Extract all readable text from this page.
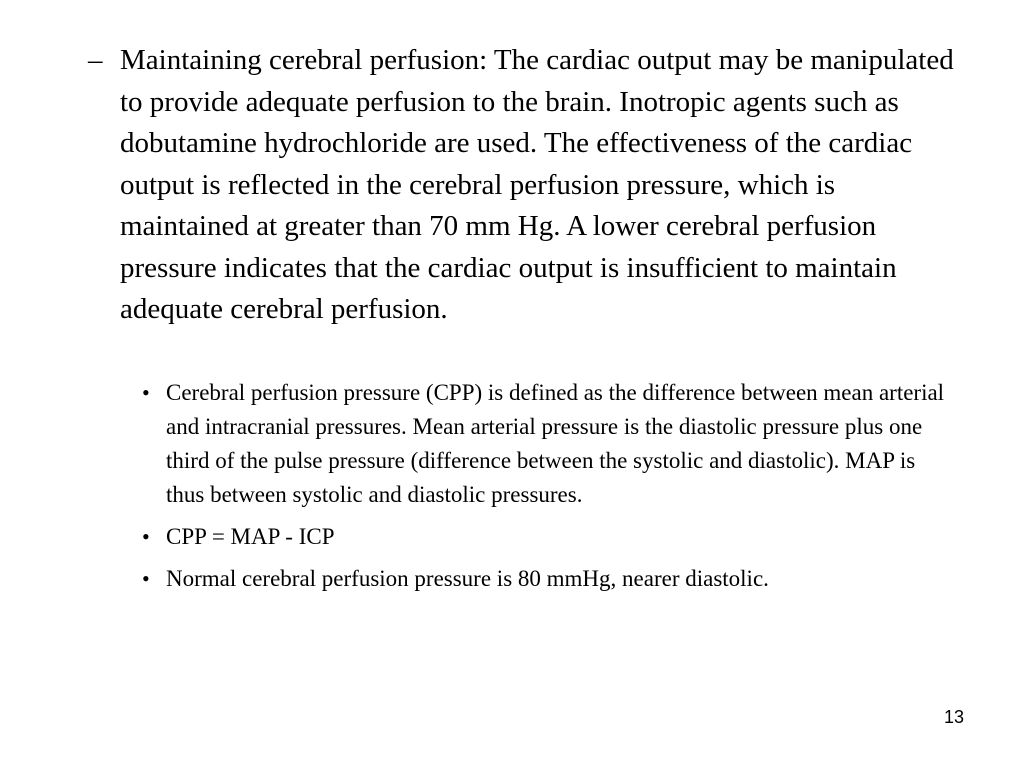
– Maintaining cerebral perfusion: The cardiac output may be manipulated to provide adequate perfusion to the brain. Inotropic agents such as dobutamine hydrochloride are used. The effectiveness of the cardiac output is reflected in the cerebral perfusion pressure, which is maintained at greater than 70 mm Hg. A lower cerebral perfusion pressure indicates that the cardiac output is insufficient to maintain adequate cerebral perfusion.
• Cerebral perfusion pressure (CPP) is defined as the difference between mean arterial and intracranial pressures. Mean arterial pressure is the diastolic pressure plus one third of the pulse pressure (difference between the systolic and diastolic). MAP is thus between systolic and diastolic pressures.
• CPP = MAP - ICP
• Normal cerebral perfusion pressure is 80 mmHg, nearer diastolic.
13
